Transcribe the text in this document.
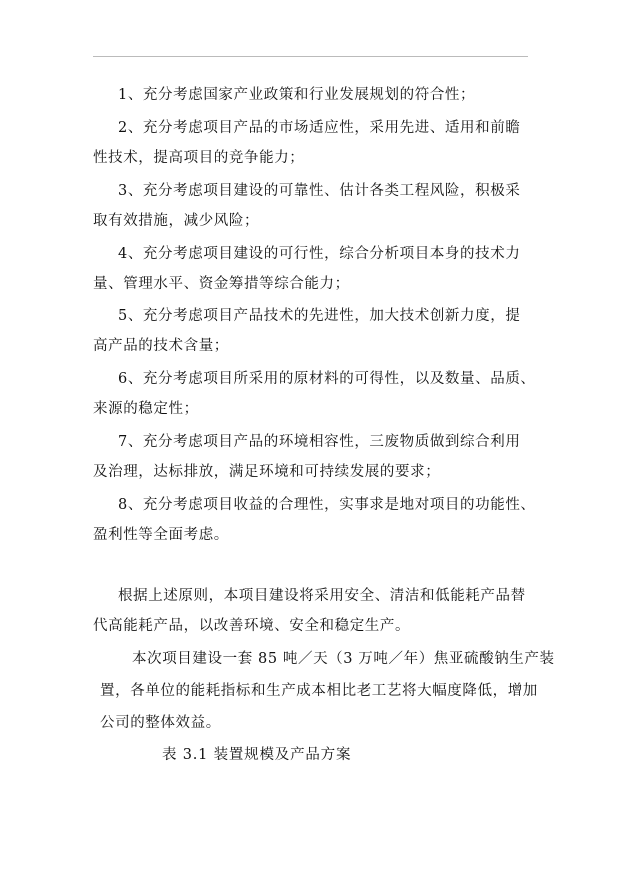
1、充分考虑国家产业政策和行业发展规划的符合性；
2、充分考虑项目产品的市场适应性，采用先进、适用和前瞻
性技术，提高项目的竞争能力；
3、充分考虑项目建设的可靠性、估计各类工程风险，积极采
取有效措施，减少风险；
4、充分考虑项目建设的可行性，综合分析项目本身的技术力
量、管理水平、资金筹措等综合能力；
5、充分考虑项目产品技术的先进性，加大技术创新力度，提
高产品的技术含量；
6、充分考虑项目所采用的原材料的可得性，以及数量、品质、
来源的稳定性；
7、充分考虑项目产品的环境相容性，三废物质做到综合利用
及治理，达标排放，满足环境和可持续发展的要求；
8、充分考虑项目收益的合理性，实事求是地对项目的功能性、
盈利性等全面考虑。
根据上述原则，本项目建设将采用安全、清洁和低能耗产品替
代高能耗产品，以改善环境、安全和稳定生产。
本次项目建设一套 85 吨／天（3 万吨／年）焦亚硫酸钠生产装
置，各单位的能耗指标和生产成本相比老工艺将大幅度降低，增加
公司的整体效益。
表 3.1 装置规模及产品方案
